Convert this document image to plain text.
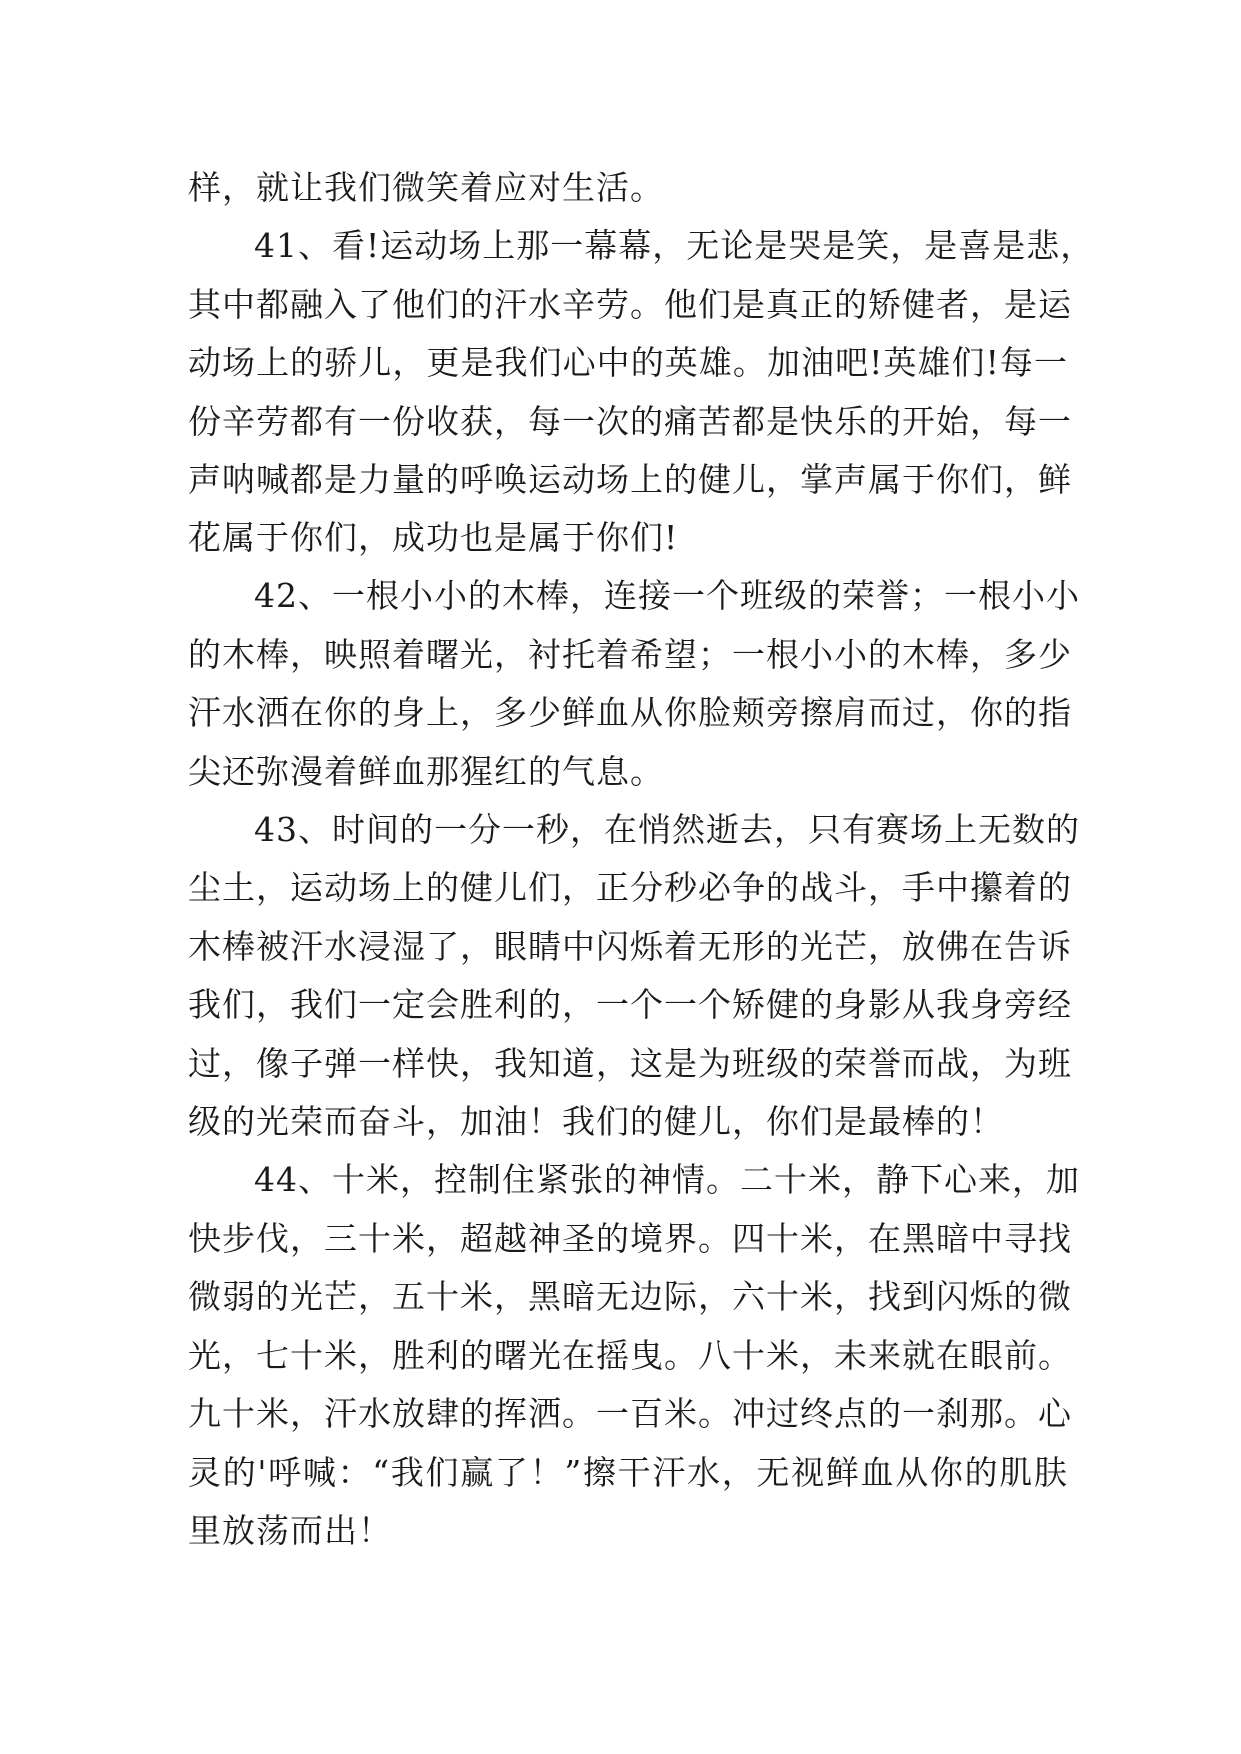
样，就让我们微笑着应对生活。
41、看!运动场上那一幕幕，无论是哭是笑，是喜是悲，
其中都融入了他们的汗水辛劳。他们是真正的矫健者，是运
动场上的骄儿，更是我们心中的英雄。加油吧!英雄们!每一
份辛劳都有一份收获，每一次的痛苦都是快乐的开始，每一
声呐喊都是力量的呼唤运动场上的健儿，掌声属于你们，鲜
花属于你们，成功也是属于你们!
42、一根小小的木棒，连接一个班级的荣誉；一根小小
的木棒，映照着曙光，衬托着希望；一根小小的木棒，多少
汗水洒在你的身上，多少鲜血从你脸颊旁擦肩而过，你的指
尖还弥漫着鲜血那猩红的气息。
43、时间的一分一秒，在悄然逝去，只有赛场上无数的
尘土，运动场上的健儿们，正分秒必争的战斗，手中攥着的
木棒被汗水浸湿了，眼睛中闪烁着无形的光芒，放佛在告诉
我们，我们一定会胜利的，一个一个矫健的身影从我身旁经
过，像子弹一样快，我知道，这是为班级的荣誉而战，为班
级的光荣而奋斗，加油！我们的健儿，你们是最棒的！
44、十米，控制住紧张的神情。二十米，静下心来，加
快步伐，三十米，超越神圣的境界。四十米，在黑暗中寻找
微弱的光芒，五十米，黑暗无边际，六十米，找到闪烁的微
光，七十米，胜利的曙光在摇曳。八十米，未来就在眼前。
九十米，汗水放肆的挥洒。一百米。冲过终点的一刹那。心
灵的'呼喊：“我们赢了！”擦干汗水，无视鲜血从你的肌肤
里放荡而出！
